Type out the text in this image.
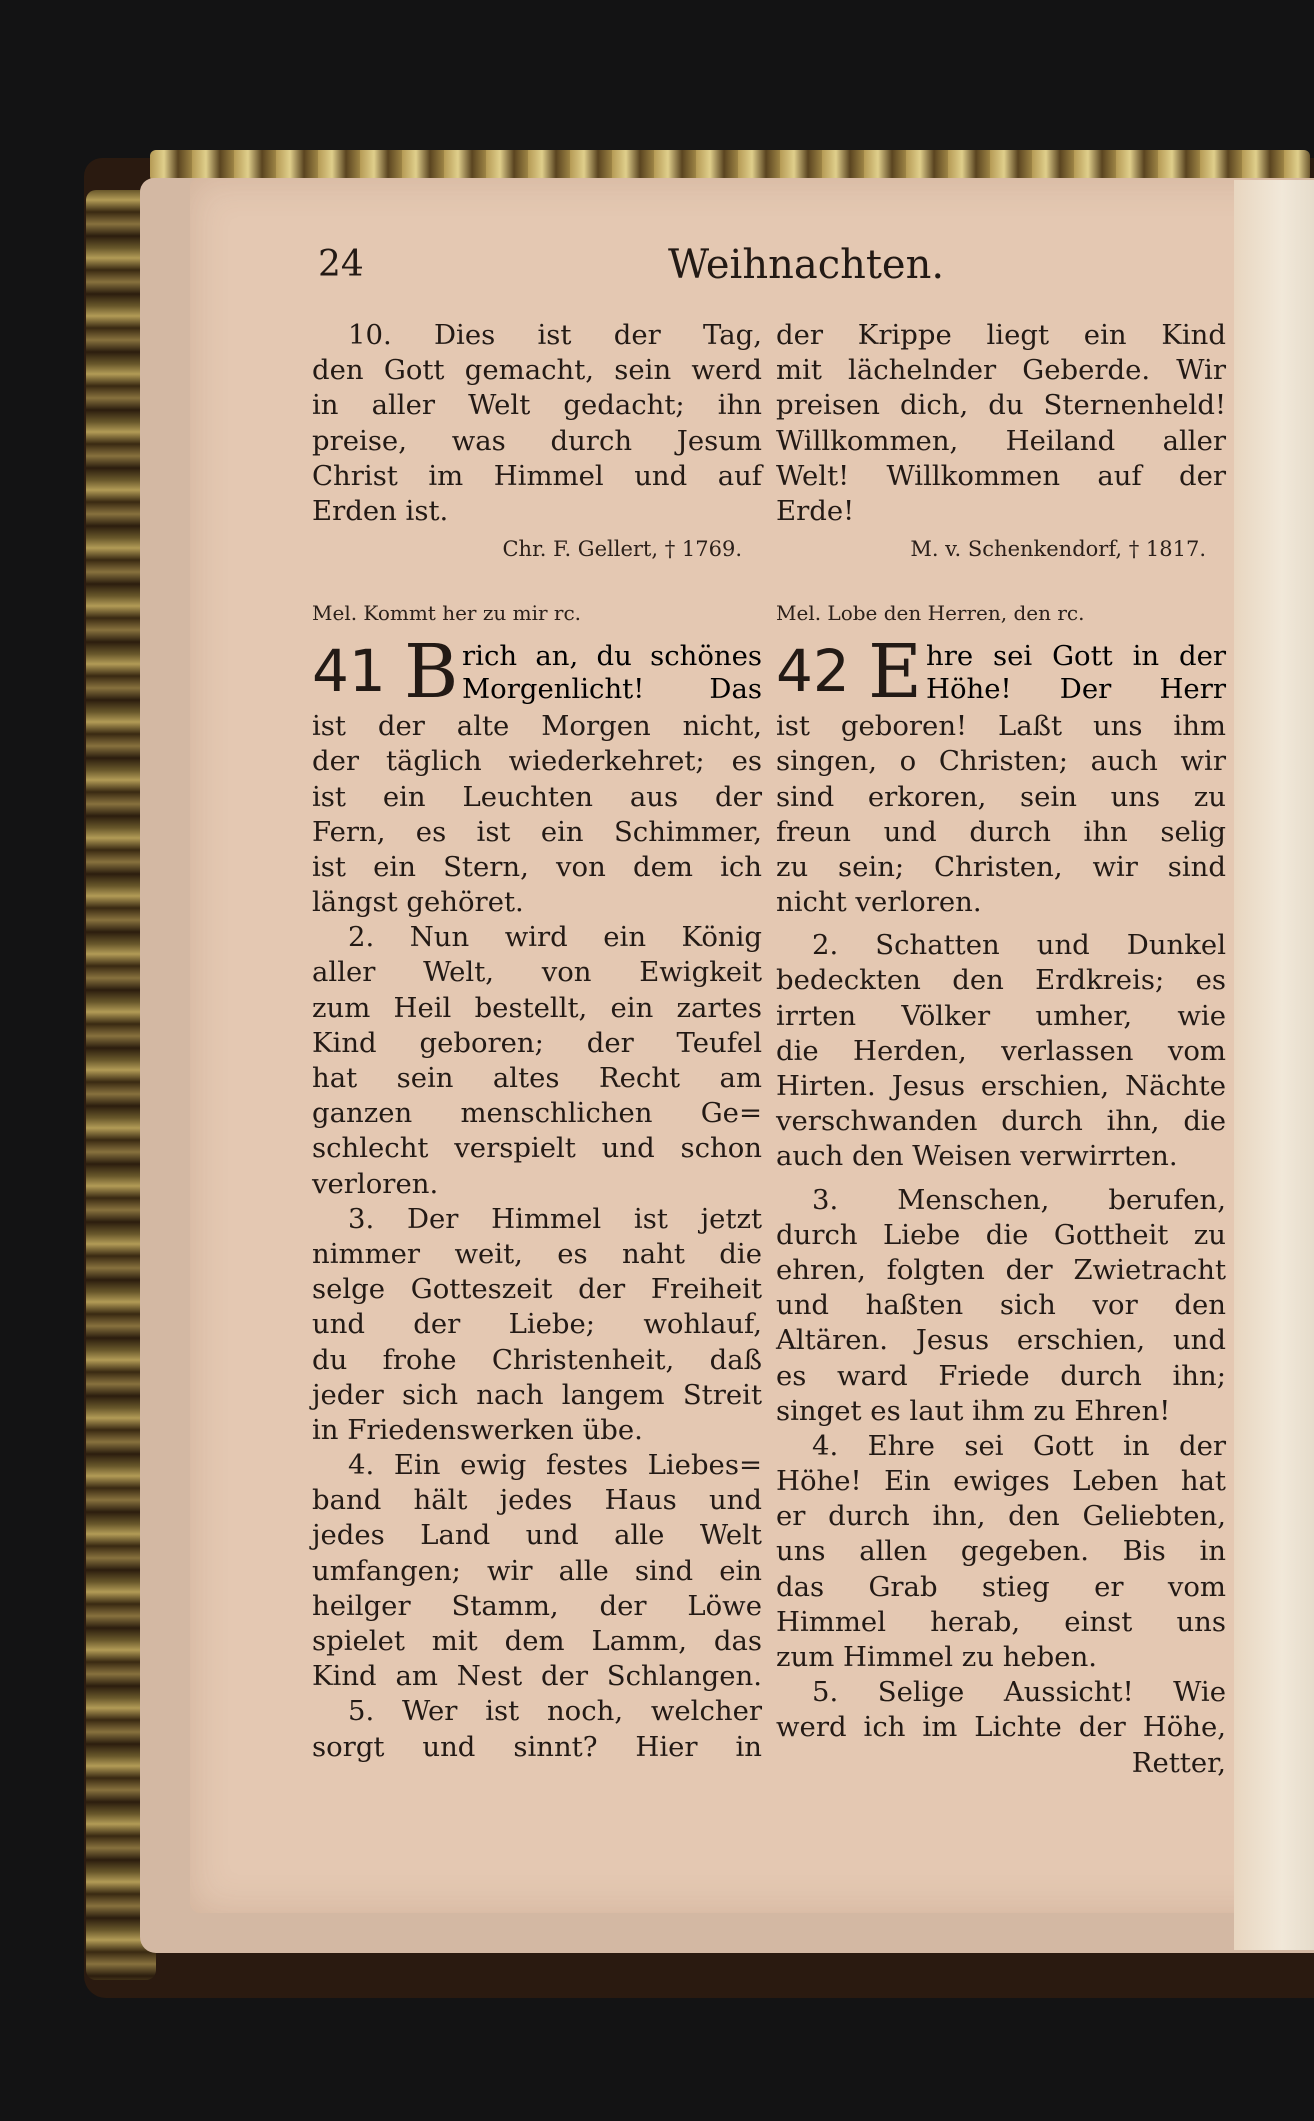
24	Weihnachten.
10. Dies ist der Tag,
den Gott gemacht, sein werd
in aller Welt gedacht; ihn
preise, was durch Jesum
Christ im Himmel und auf
Erden ist.
Chr. F. Gellert, † 1769.
Mel. Kommt her zu mir rc.
41 B rich an, du schönes
Morgenlicht! Das
ist der alte Morgen nicht,
der täglich wiederkehret; es
ist ein Leuchten aus der
Fern, es ist ein Schimmer,
ist ein Stern, von dem ich
längst gehöret.
2. Nun wird ein König
aller Welt, von Ewigkeit
zum Heil bestellt, ein zartes
Kind geboren; der Teufel
hat sein altes Recht am
ganzen menschlichen Ge=
schlecht verspielt und schon
verloren.
3. Der Himmel ist jetzt
nimmer weit, es naht die
selge Gotteszeit der Freiheit
und der Liebe; wohlauf,
du frohe Christenheit, daß
jeder sich nach langem Streit
in Friedenswerken übe.
4. Ein ewig festes Liebes=
band hält jedes Haus und
jedes Land und alle Welt
umfangen; wir alle sind ein
heilger Stamm, der Löwe
spielet mit dem Lamm, das
Kind am Nest der Schlangen.
5. Wer ist noch, welcher
sorgt und sinnt? Hier in
der Krippe liegt ein Kind
mit lächelnder Geberde. Wir
preisen dich, du Sternenheld!
Willkommen, Heiland aller
Welt! Willkommen auf der
Erde!
M. v. Schenkendorf, † 1817.
Mel. Lobe den Herren, den rc.
42 E hre sei Gott in der
Höhe! Der Herr
ist geboren! Laßt uns ihm
singen, o Christen; auch wir
sind erkoren, sein uns zu
freun und durch ihn selig
zu sein; Christen, wir sind
nicht verloren.
2. Schatten und Dunkel
bedeckten den Erdkreis; es
irrten Völker umher, wie
die Herden, verlassen vom
Hirten. Jesus erschien, Nächte
verschwanden durch ihn, die
auch den Weisen verwirrten.
3. Menschen, berufen,
durch Liebe die Gottheit zu
ehren, folgten der Zwietracht
und haßten sich vor den
Altären. Jesus erschien, und
es ward Friede durch ihn;
singet es laut ihm zu Ehren!
4. Ehre sei Gott in der
Höhe! Ein ewiges Leben hat
er durch ihn, den Geliebten,
uns allen gegeben. Bis in
das Grab stieg er vom
Himmel herab, einst uns
zum Himmel zu heben.
5. Selige Aussicht! Wie
werd ich im Lichte der Höhe,
Retter,
